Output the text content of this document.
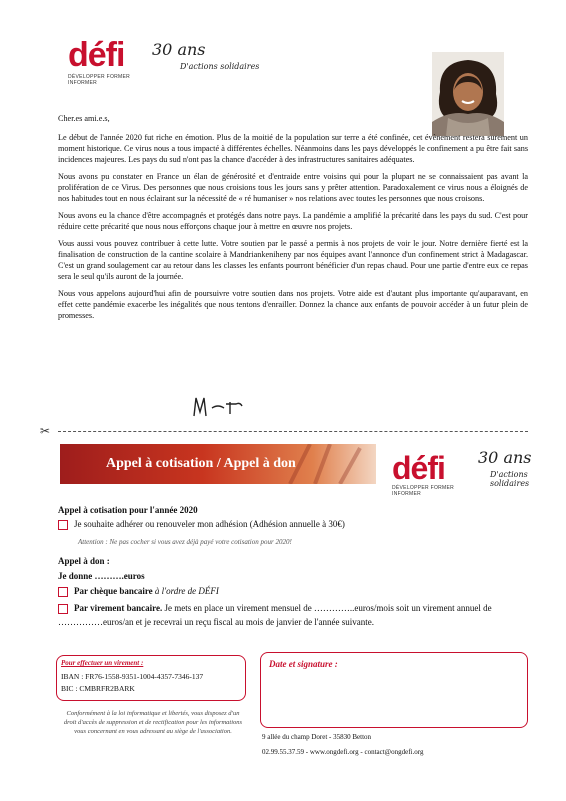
défi
DÉVELOPPER FORMER INFORMER
30 ans
D'actions solidaires

Cher.es ami.e.s,

Le début de l'année 2020 fut riche en émotion. Plus de la moitié de la population sur terre a été confinée, cet évènement restera surement un moment historique. Ce virus nous a tous impacté à différentes échelles. Néanmoins dans les pays développés le confinement a pu être fait sans incidences majeures. Les pays du sud n'ont pas la chance d'accéder à des infrastructures sanitaires adéquates.

Nous avons pu constater en France un élan de générosité et d'entraide entre voisins qui pour la plupart ne se connaissaient pas avant la prolifération de ce Virus. Des personnes que nous croisions tous les jours sans y prêter attention. Paradoxalement ce virus nous a éloignés de nos habitudes tout en nous éclairant sur la nécessité de « ré humaniser » nos relations avec toutes les personnes que nous croisons.

Nous avons eu la chance d'être accompagnés et protégés dans notre pays. La pandémie a amplifié la précarité dans les pays du sud. C'est pour réduire cette précarité que nous nous efforçons chaque jour à mettre en œuvre nos projets.

Vous aussi vous pouvez contribuer à cette lutte. Votre soutien par le passé a permis à nos projets de voir le jour. Notre dernière fierté est la finalisation de construction de la cantine scolaire à Mandriankeniheny par nos équipes avant l'annonce d'un confinement strict à Madagascar. C'est un grand soulagement car au retour dans les classes les enfants pourront bénéficier d'un repas chaud. Pour une partie d'entre eux ce repas sera le seul qu'ils auront de la journée.

Nous vous appelons aujourd'hui afin de poursuivre votre soutien dans nos projets. Votre aide est d'autant plus importante qu'auparavant, en effet cette pandémie exacerbe les inégalités que nous tentons d'enrailler. Donnez la chance aux enfants de pouvoir accéder à un futur plein de promesses.

✂
Appel à cotisation / Appel à don	défi
DÉVELOPPER FORMER INFORMER
30 ans
D'actions solidaires
Appel à cotisation pour l'année 2020
Je souhaite adhérer ou renouveler mon adhésion (Adhésion annuelle à 30€)
Attention : Ne pas cocher si vous avez déjà payé votre cotisation pour 2020!
Appel à don :
Je donne ……….euros
Par chèque bancaire à l'ordre de DÉFI
Par virement bancaire. Je mets en place un virement mensuel de …………..euros/mois soit un virement annuel de ……………euros/an et je recevrai un reçu fiscal au mois de janvier de l'année suivante.
Pour effectuer un virement :
IBAN : FR76-1558-9351-1004-4357-7346-137
BIC : CMBRFR2BARK
Date et signature :
Conformément à la loi informatique et libertés, vous disposez d'un droit d'accès de suppression et de rectification pour les informations vous concernant en vous adressant au siège de l'association.
9 allée du champ Doret - 35830 Betton
02.99.55.37.59 - www.ongdefi.org - contact@ongdefi.org
